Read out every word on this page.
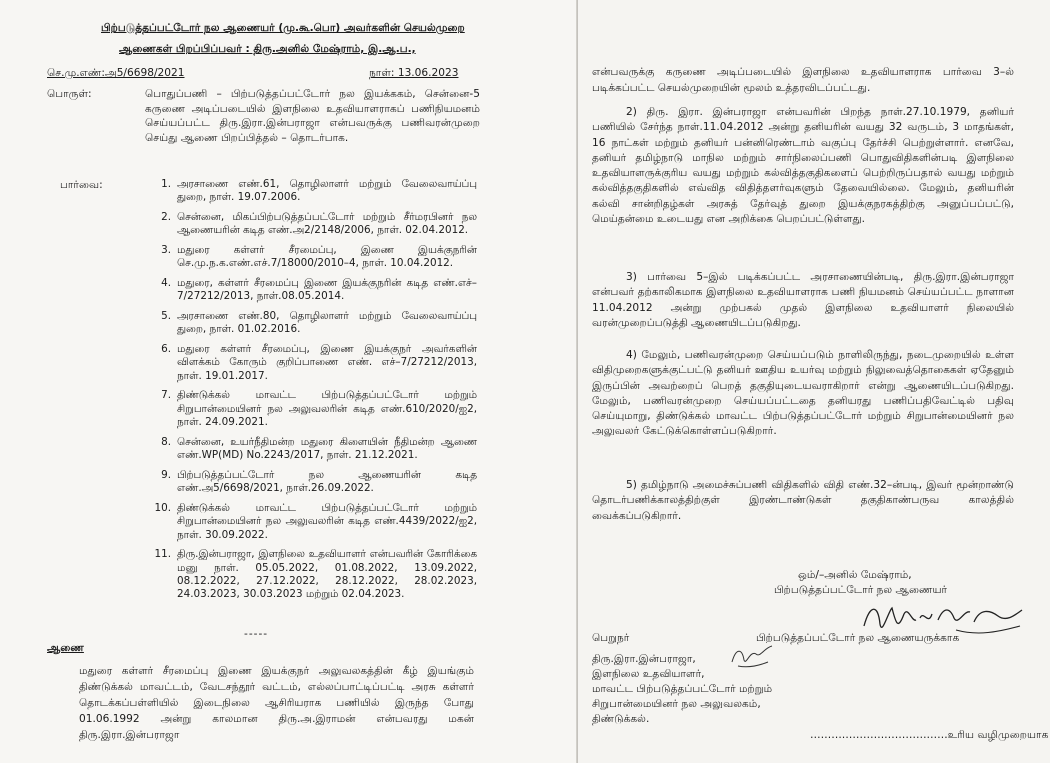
பிற்படுத்தப்பட்டோர் நல ஆணையர் (மு.கூ.பொ) அவர்களின் செயல்முறை
ஆணைகள் பிறப்பிப்பவர் : திரு.அனில் மேஷ்ராம், இ.ஆ.ப.,
செ.மு.எண்:அ5/6698/2021	நாள்: 13.06.2023
பொருள்:	பொதுப்பணி – பிற்படுத்தப்பட்டோர் நல இயக்ககம், சென்னை-5 கருணை அடிப்படையில் இளநிலை உதவியாளராகப் பணிநியமனம் செய்யப்பட்ட திரு.இரா.இன்பராஜா என்பவருக்கு பணிவரன்முறை செய்து ஆணை பிறப்பித்தல் – தொடர்பாக.
பார்வை:	1. அரசாணை எண்.61, தொழிலாளர் மற்றும் வேலைவாய்ப்பு துறை, நாள். 19.07.2006.
2. சென்னை, மிகப்பிற்படுத்தப்பட்டோர் மற்றும் சீர்மரபினர் நல ஆணையரின் கடித எண்.அ2/2148/2006, நாள். 02.04.2012.
3. மதுரை கள்ளர் சீரமைப்பு, இணை இயக்குநரின் செ.மு.ந.க.எண்.எச்.7/18000/2010–4, நாள். 10.04.2012.
4. மதுரை, கள்ளர் சீரமைப்பு இணை இயக்குநரின் கடித எண்.எச்–7/27212/2013, நாள்.08.05.2014.
5. அரசாணை எண்.80, தொழிலாளர் மற்றும் வேலைவாய்ப்பு துறை, நாள். 01.02.2016.
6. மதுரை கள்ளர் சீரமைப்பு, இணை இயக்குநர் அவர்களின் விளக்கம் கோரும் குறிப்பாணை எண். எச்–7/27212/2013, நாள். 19.01.2017.
7. திண்டுக்கல் மாவட்ட பிற்படுத்தப்பட்டோர் மற்றும் சிறுபான்மையினர் நல அலுவலரின் கடித எண்.610/2020/ஐ2, நாள். 24.09.2021.
8. சென்னை, உயர்நீதிமன்ற மதுரை கிளையின் நீதிமன்ற ஆணை எண்.WP(MD) No.2243/2017, நாள். 21.12.2021.
9. பிற்படுத்தப்பட்டோர் நல ஆணையரின் கடித எண்.அ5/6698/2021, நாள்.26.09.2022.
10. திண்டுக்கல் மாவட்ட பிற்படுத்தப்பட்டோர் மற்றும் சிறுபான்மையினர் நல அலுவலரின் கடித எண்.4439/2022/ஐ2, நாள். 30.09.2022.
11. திரு.இன்பராஜா, இளநிலை உதவியாளர் என்பவரின் கோரிக்கை மனு நாள். 05.05.2022, 01.08.2022, 13.09.2022, 08.12.2022, 27.12.2022, 28.12.2022, 28.02.2023, 24.03.2023, 30.03.2023 மற்றும் 02.04.2023.
-----
ஆணை
மதுரை கள்ளர் சீரமைப்பு இணை இயக்குநர் அலுவலகத்தின் கீழ் இயங்கும் திண்டுக்கல் மாவட்டம், வேடசந்தூர் வட்டம், எல்லப்பாட்டிப்பட்டி அரசு கள்ளர் தொடக்கப்பள்ளியில் இடைநிலை ஆசிரியராக பணியில் இருந்த போது 01.06.1992 அன்று காலமான திரு.அ.இராமன் என்பவரது மகன் திரு.இரா.இன்பராஜா
என்பவருக்கு கருணை அடிப்படையில் இளநிலை உதவியாளராக பார்வை 3–ல் படிக்கப்பட்ட செயல்முறையின் மூலம் உத்தரவிடப்பட்டது.
2) திரு. இரா. இன்பராஜா என்பவரின் பிறந்த நாள்.27.10.1979, தனியர் பணியில் சேர்ந்த நாள்.11.04.2012 அன்று தனியரின் வயது 32 வருடம், 3 மாதங்கள், 16 நாட்கள் மற்றும் தனியர் பன்னிரெண்டாம் வகுப்பு தேர்ச்சி பெற்றுள்ளார். எனவே, தனியர் தமிழ்நாடு மாநில மற்றும் சார்நிலைப்பணி பொதுவிதிகளின்படி இளநிலை உதவியாளருக்குரிய வயது மற்றும் கல்வித்தகுதிகளைப் பெற்றிருப்பதால் வயது மற்றும் கல்வித்தகுதிகளில் எவ்வித விதித்தளர்வுகளும் தேவையில்லை. மேலும், தனியரின் கல்வி சான்றிதழ்கள் அரசுத் தேர்வுத் துறை இயக்குநரகத்திற்கு அனுப்பப்பட்டு, மெய்தன்மை உடையது என அறிக்கை பெறப்பட்டுள்ளது.
3) பார்வை 5–இல் படிக்கப்பட்ட அரசாணையின்படி, திரு.இரா.இன்பராஜா என்பவர் தற்காலிகமாக இளநிலை உதவியாளராக பணி நியமனம் செய்யப்பட்ட நாளான 11.04.2012 அன்று முற்பகல் முதல் இளநிலை உதவியாளர் நிலையில் வரன்முறைப்படுத்தி ஆணையிடப்படுகிறது.
4) மேலும், பணிவரன்முறை செய்யப்படும் நாளிலிருந்து, நடைமுறையில் உள்ள விதிமுறைகளுக்குட்பட்டு தனியர் ஊதிய உயர்வு மற்றும் நிலுவைத்தொகைகள் ஏதேனும் இருப்பின் அவற்றைப் பெறத் தகுதியுடையவராகிறார் என்று ஆணையிடப்படுகிறது. மேலும், பணிவரன்முறை செய்யப்பட்டதை தனியரது பணிப்பதிவேட்டில் பதிவு செய்யுமாறு, திண்டுக்கல் மாவட்ட பிற்படுத்தப்பட்டோர் மற்றும் சிறுபான்மையினர் நல அலுவலர் கேட்டுக்கொள்ளப்படுகிறார்.
5) தமிழ்நாடு அமைச்சுப்பணி விதிகளில் விதி எண்.32–ன்படி, இவர் மூன்றாண்டு தொடர்பணிக்காலத்திற்குள் இரண்டாண்டுகள் தகுதிகாண்பருவ காலத்தில் வைக்கப்படுகிறார்.
ஒம்/–அனில் மேஷ்ராம்,
பிற்படுத்தப்பட்டோர் நல ஆணையர்
பிற்படுத்தப்பட்டோர் நல ஆணையருக்காக
பெறுநர்
திரு.இரா.இன்பராஜா,
இளநிலை உதவியாளர்,
மாவட்ட பிற்படுத்தப்பட்டோர் மற்றும்
சிறுபான்மையினர் நல அலுவலகம்,
திண்டுக்கல்.
…………………………………உரிய வழிமுறையாக
